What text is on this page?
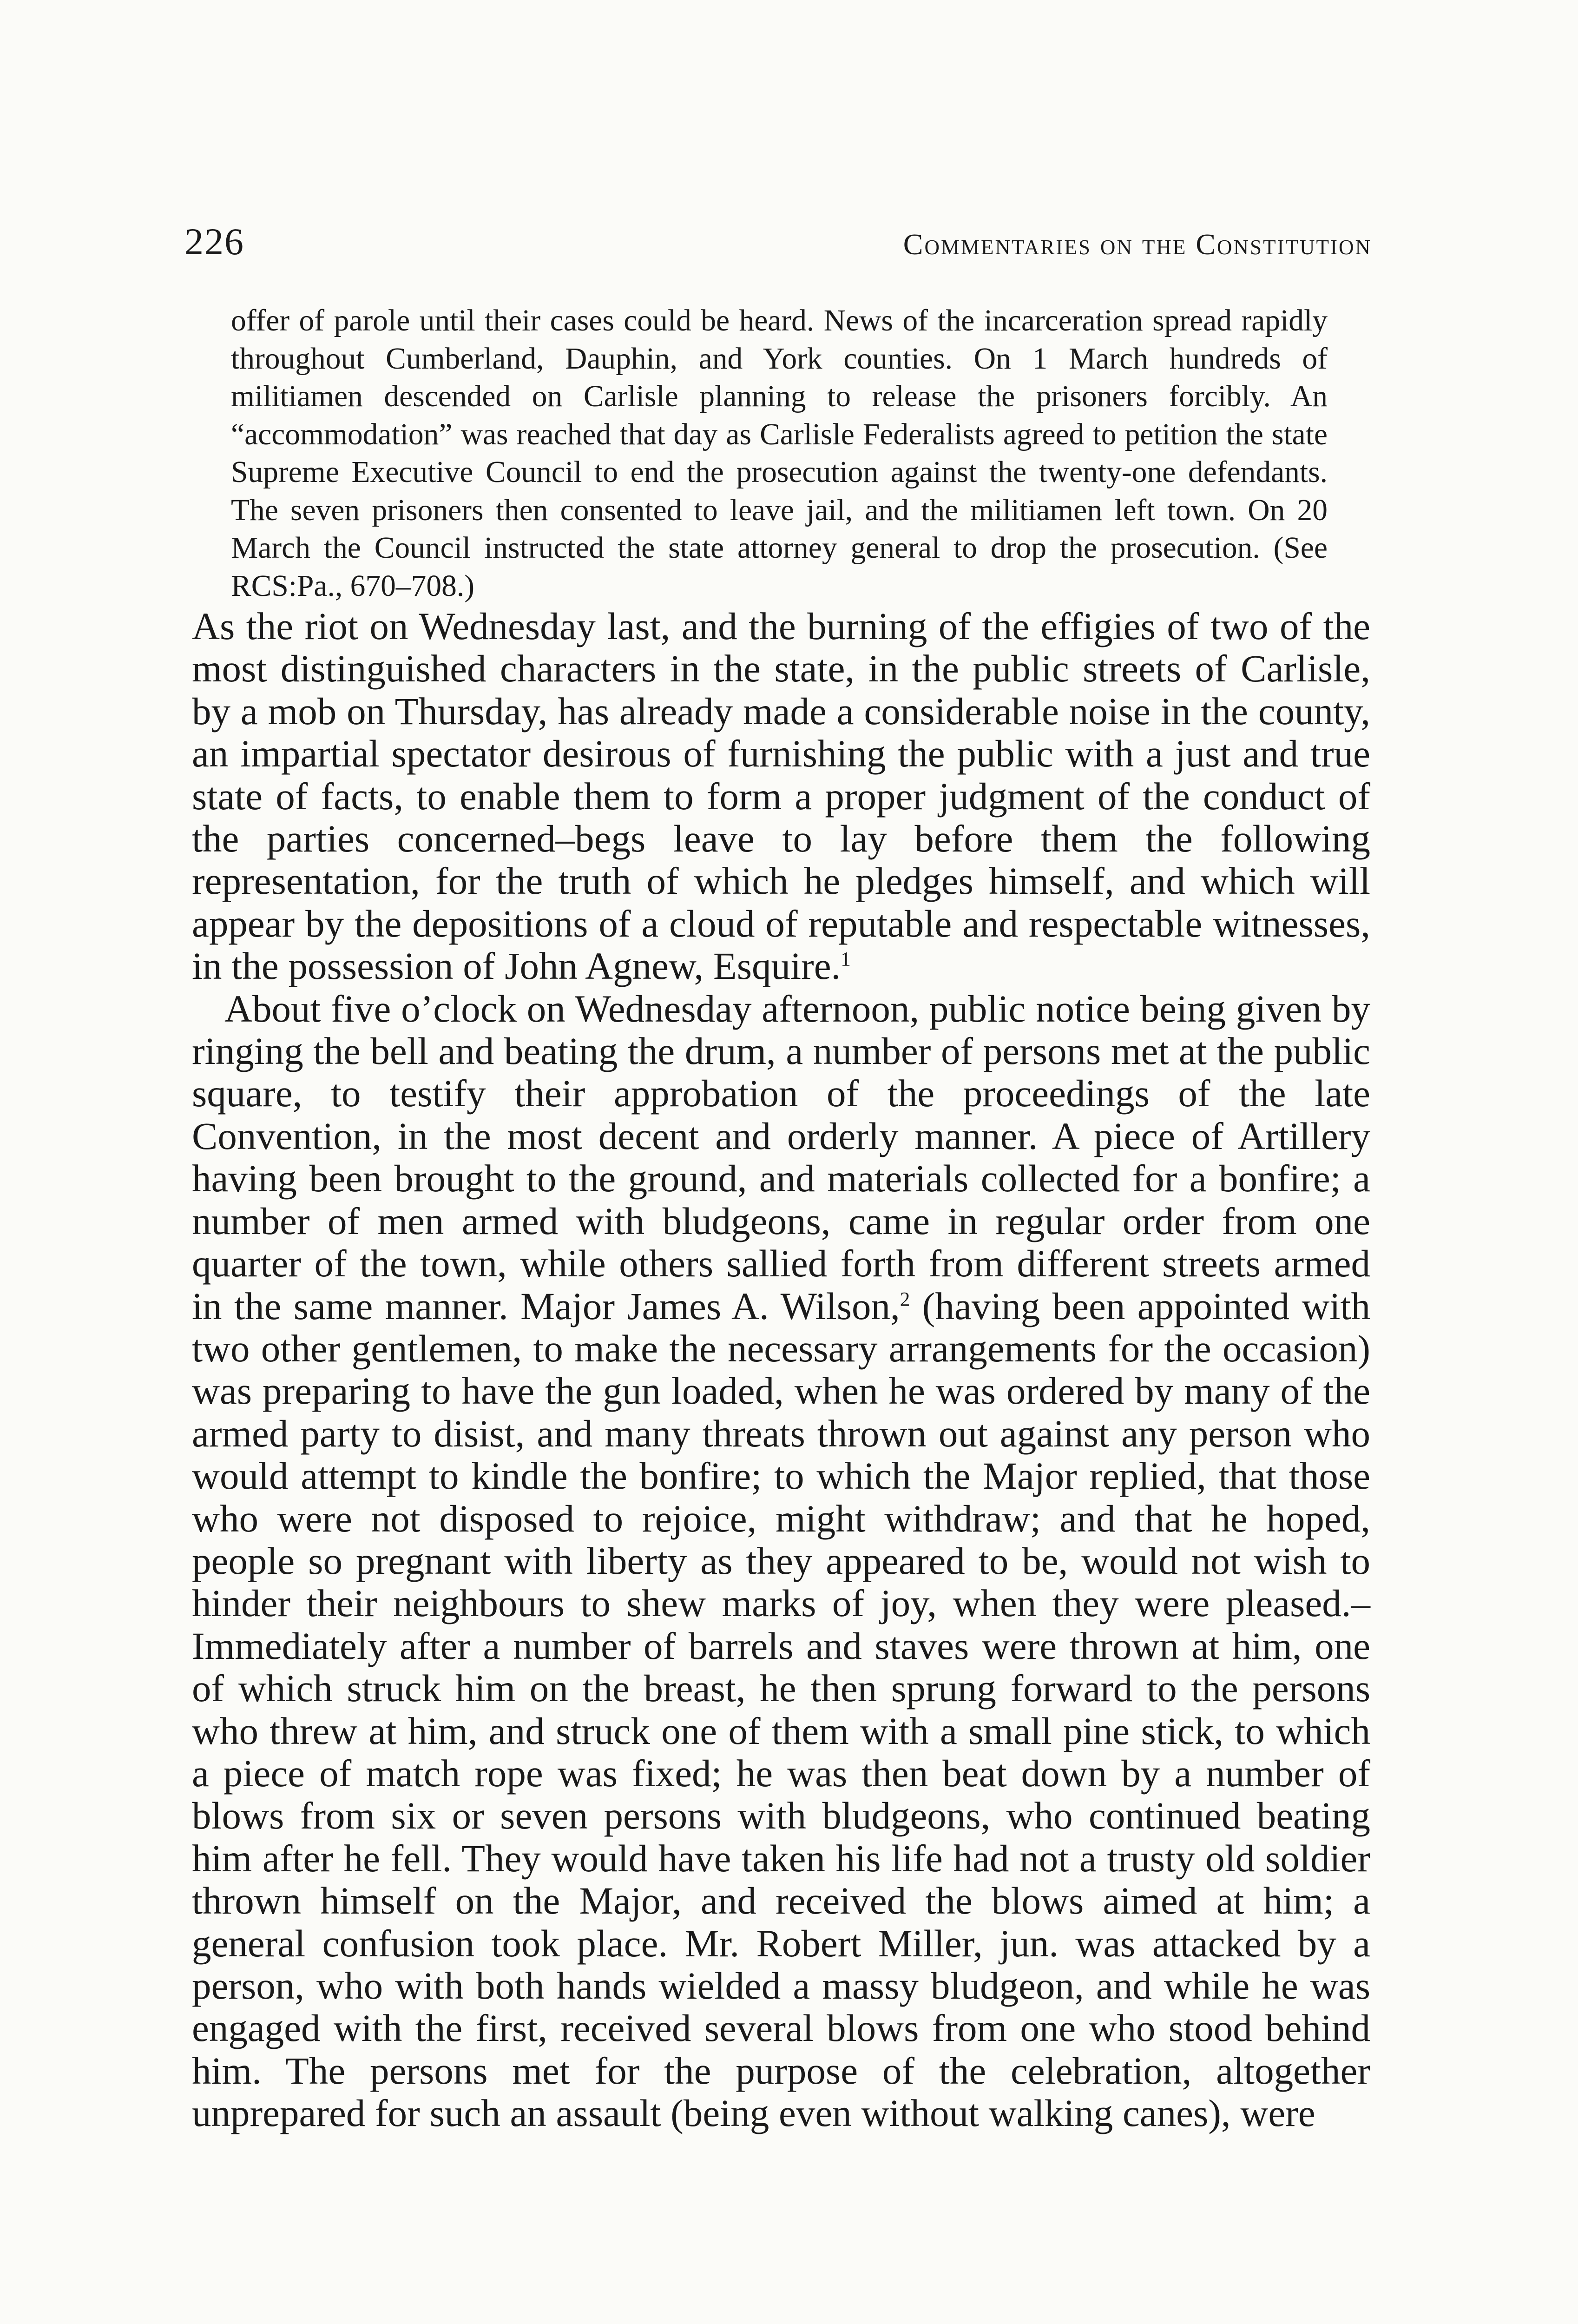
226	Commentaries on the Constitution

offer of parole until their cases could be heard. News of the incarceration spread rapidly throughout Cumberland, Dauphin, and York counties. On 1 March hundreds of militiamen descended on Carlisle planning to release the prisoners forcibly. An “accommodation” was reached that day as Carlisle Federalists agreed to petition the state Supreme Executive Council to end the prosecution against the twenty-one defendants. The seven prisoners then consented to leave jail, and the militiamen left town. On 20 March the Council instructed the state attorney general to drop the prosecution. (See RCS:Pa., 670–708.)

As the riot on Wednesday last, and the burning of the effigies of two of the most distinguished characters in the state, in the public streets of Carlisle, by a mob on Thursday, has already made a considerable noise in the county, an impartial spectator desirous of furnishing the public with a just and true state of facts, to enable them to form a proper judgment of the conduct of the parties concerned–begs leave to lay before them the following representation, for the truth of which he pledges himself, and which will appear by the depositions of a cloud of reputable and respectable witnesses, in the possession of John Agnew, Esquire.$^1$

About five o’clock on Wednesday afternoon, public notice being given by ringing the bell and beating the drum, a number of persons met at the public square, to testify their approbation of the proceedings of the late Convention, in the most decent and orderly manner. A piece of Artillery having been brought to the ground, and materials collected for a bonfire; a number of men armed with bludgeons, came in regular order from one quarter of the town, while others sallied forth from different streets armed in the same manner. Major James A. Wilson,$^2$ (having been appointed with two other gentlemen, to make the necessary arrangements for the occasion) was preparing to have the gun loaded, when he was ordered by many of the armed party to disist, and many threats thrown out against any person who would attempt to kindle the bonfire; to which the Major replied, that those who were not disposed to rejoice, might withdraw; and that he hoped, people so pregnant with liberty as they appeared to be, would not wish to hinder their neighbours to shew marks of joy, when they were pleased.–Immediately after a number of barrels and staves were thrown at him, one of which struck him on the breast, he then sprung forward to the persons who threw at him, and struck one of them with a small pine stick, to which a piece of match rope was fixed; he was then beat down by a number of blows from six or seven persons with bludgeons, who continued beating him after he fell. They would have taken his life had not a trusty old soldier thrown himself on the Major, and received the blows aimed at him; a general confusion took place. Mr. Robert Miller, jun. was attacked by a person, who with both hands wielded a massy bludgeon, and while he was engaged with the first, received several blows from one who stood behind him. The persons met for the purpose of the celebration, altogether unprepared for such an assault (being even without walking canes), were
